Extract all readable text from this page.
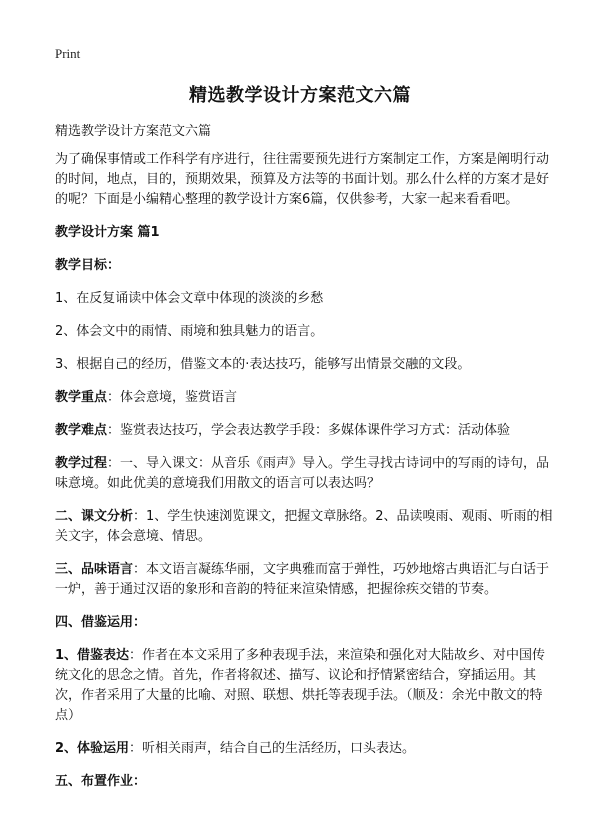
Print
精选教学设计方案范文六篇

精选教学设计方案范文六篇

为了确保事情或工作科学有序进行，往往需要预先进行方案制定工作，方案是阐明行动的时间，地点，目的，预期效果，预算及方法等的书面计划。那么什么样的方案才是好的呢？下面是小编精心整理的教学设计方案6篇，仅供参考，大家一起来看看吧。

教学设计方案 篇1

教学目标：

1、在反复诵读中体会文章中体现的淡淡的乡愁

2、体会文中的雨情、雨境和独具魅力的语言。

3、根据自己的经历，借鉴文本的·表达技巧，能够写出情景交融的文段。

教学重点：体会意境，鉴赏语言

教学难点：鉴赏表达技巧，学会表达教学手段：多媒体课件学习方式：活动体验

教学过程：一、导入课文：从音乐《雨声》导入。学生寻找古诗词中的写雨的诗句，品味意境。如此优美的意境我们用散文的语言可以表达吗？

二、课文分析：1、学生快速浏览课文，把握文章脉络。2、品读嗅雨、观雨、听雨的相关文字，体会意境、情思。

三、品味语言：本文语言凝练华丽，文字典雅而富于弹性，巧妙地熔古典语汇与白话于一炉，善于通过汉语的象形和音韵的特征来渲染情感，把握徐疾交错的节奏。

四、借鉴运用：

1、借鉴表达：作者在本文采用了多种表现手法，来渲染和强化对大陆故乡、对中国传统文化的思念之情。首先，作者将叙述、描写、议论和抒情紧密结合，穿插运用。其次，作者采用了大量的比喻、对照、联想、烘托等表现手法。（顺及：余光中散文的特点）

2、体验运用：听相关雨声，结合自己的生活经历，口头表达。

五、布置作业：
